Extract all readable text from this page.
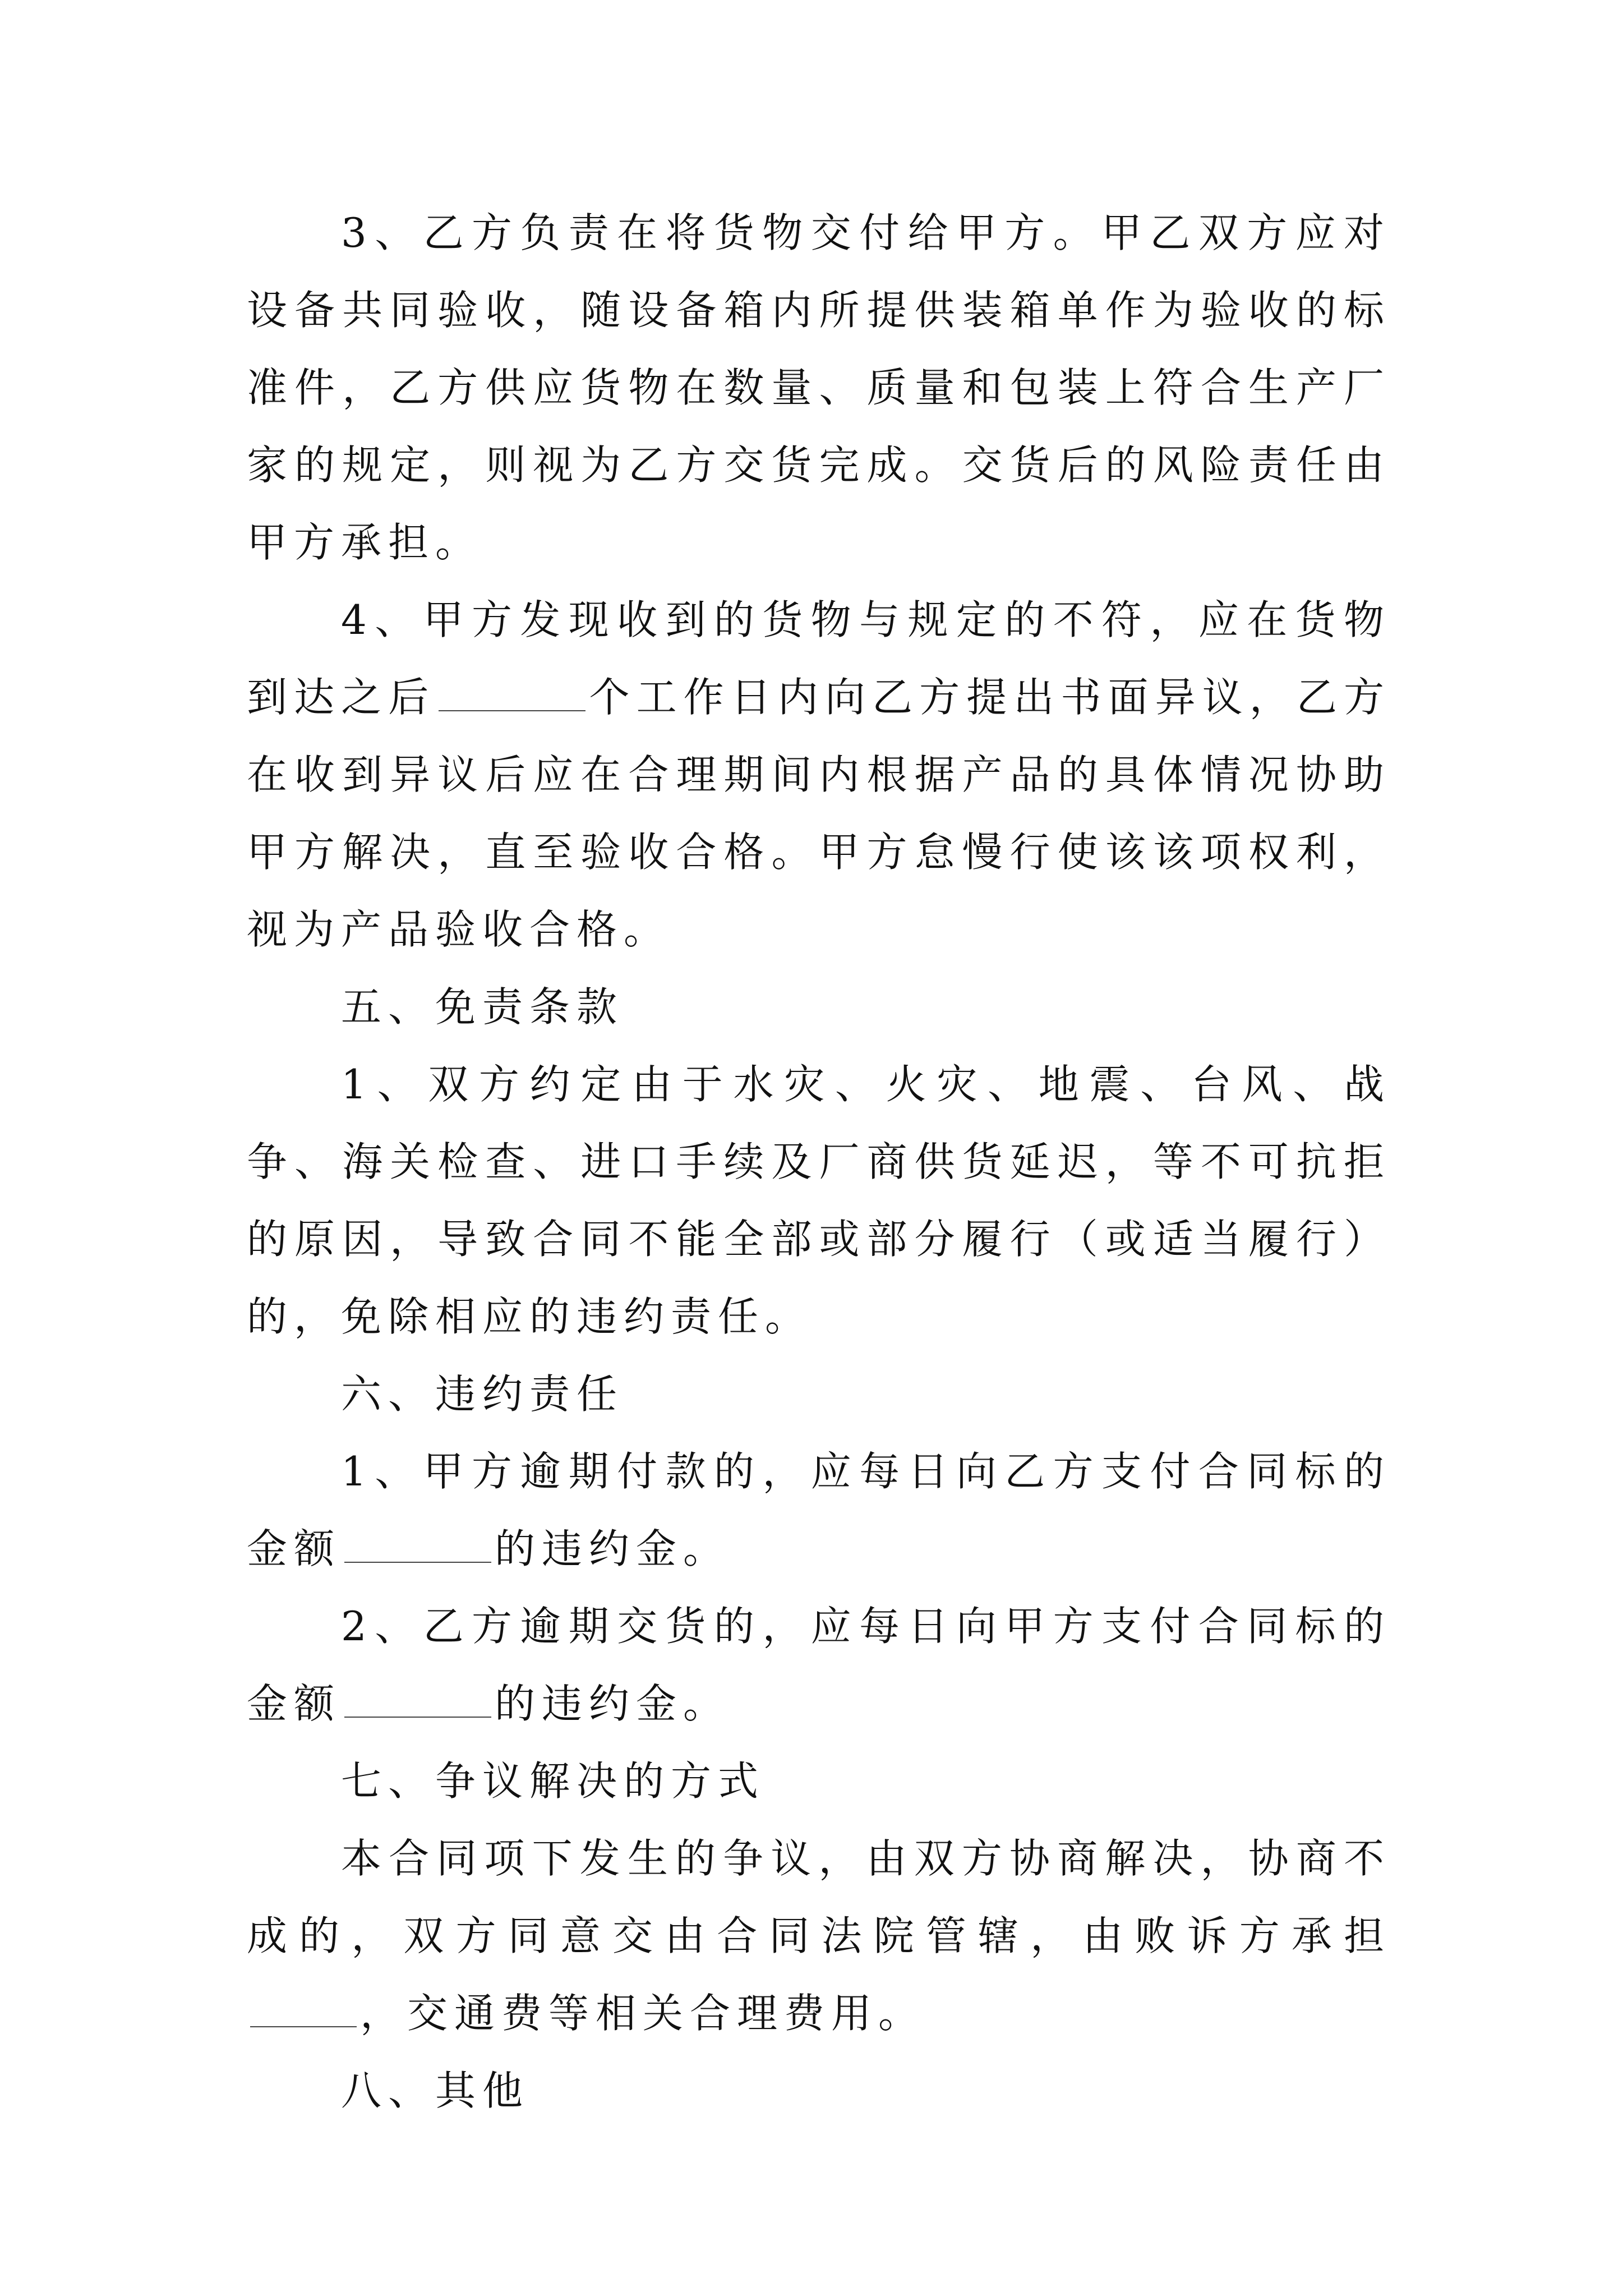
3、乙方负责在将货物交付给甲方。甲乙双方应对设备共同验收，随设备箱内所提供装箱单作为验收的标准件，乙方供应货物在数量、质量和包装上符合生产厂家的规定，则视为乙方交货完成。交货后的风险责任由甲方承担。

4、甲方发现收到的货物与规定的不符，应在货物到达之后	个工作日内向乙方提出书面异议，乙方在收到异议后应在合理期间内根据产品的具体情况协助甲方解决，直至验收合格。甲方怠慢行使该该项权利，视为产品验收合格。

五、免责条款

1、双方约定由于水灾、火灾、地震、台风、战争、海关检查、进口手续及厂商供货延迟，等不可抗拒的原因，导致合同不能全部或部分履行（或适当履行）的，免除相应的违约责任。

六、违约责任

1、甲方逾期付款的，应每日向乙方支付合同标的金额	的违约金。

2、乙方逾期交货的，应每日向甲方支付合同标的金额	的违约金。

七、争议解决的方式

本合同项下发生的争议，由双方协商解决，协商不成的，双方同意交由合同法院管辖，由败诉方承担，交通费等相关合理费用。

八、其他
